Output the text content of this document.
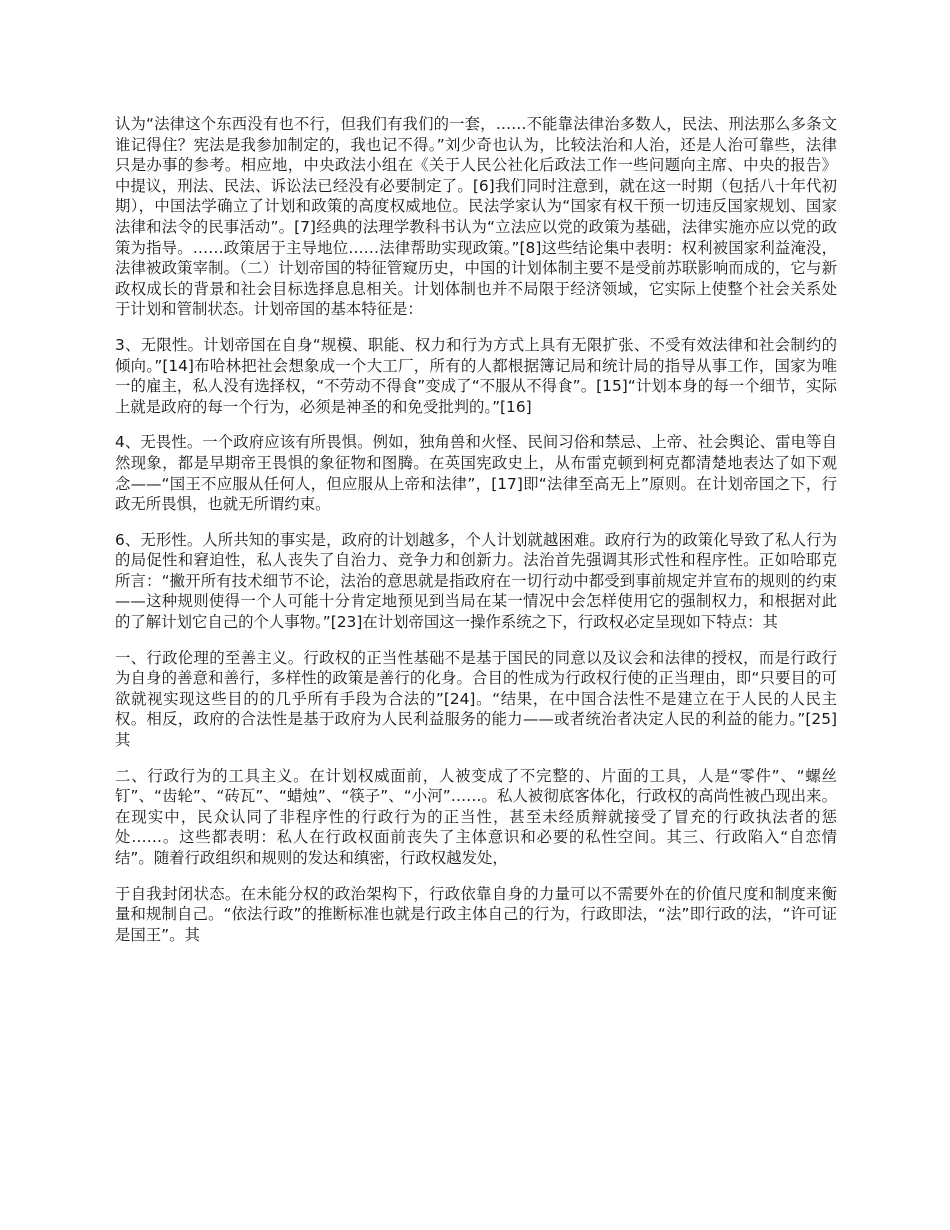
认为“法律这个东西没有也不行，但我们有我们的一套，……不能靠法律治多数人，民法、刑法那么多条文谁记得住？宪法是我参加制定的，我也记不得。”刘少奇也认为，比较法治和人治，还是人治可靠些，法律只是办事的参考。相应地，中央政法小组在《关于人民公社化后政法工作一些问题向主席、中央的报告》中提议，刑法、民法、诉讼法已经没有必要制定了。[6]我们同时注意到，就在这一时期（包括八十年代初期），中国法学确立了计划和政策的高度权威地位。民法学家认为“国家有权干预一切违反国家规划、国家法律和法令的民事活动”。[7]经典的法理学教科书认为“立法应以党的政策为基础，法律实施亦应以党的政策为指导。……政策居于主导地位……法律帮助实现政策。”[8]这些结论集中表明：权利被国家利益淹没，法律被政策宰制。（二）计划帝国的特征管窥历史，中国的计划体制主要不是受前苏联影响而成的，它与新政权成长的背景和社会目标选择息息相关。计划体制也并不局限于经济领域，它实际上使整个社会关系处于计划和管制状态。计划帝国的基本特征是：

3、无限性。计划帝国在自身“规模、职能、权力和行为方式上具有无限扩张、不受有效法律和社会制约的倾向。”[14]布哈林把社会想象成一个大工厂，所有的人都根据簿记局和统计局的指导从事工作，国家为唯一的雇主，私人没有选择权，“不劳动不得食”变成了“不服从不得食”。[15]“计划本身的每一个细节，实际上就是政府的每一个行为，必须是神圣的和免受批判的。”[16]

4、无畏性。一个政府应该有所畏惧。例如，独角兽和火怪、民间习俗和禁忌、上帝、社会舆论、雷电等自然现象，都是早期帝王畏惧的象征物和图腾。在英国宪政史上，从布雷克顿到柯克都清楚地表达了如下观念——“国王不应服从任何人，但应服从上帝和法律”，[17]即“法律至高无上”原则。在计划帝国之下，行政无所畏惧，也就无所谓约束。

6、无形性。人所共知的事实是，政府的计划越多，个人计划就越困难。政府行为的政策化导致了私人行为的局促性和窘迫性，私人丧失了自治力、竞争力和创新力。法治首先强调其形式性和程序性。正如哈耶克所言：“撇开所有技术细节不论，法治的意思就是指政府在一切行动中都受到事前规定并宣布的规则的约束——这种规则使得一个人可能十分肯定地预见到当局在某一情况中会怎样使用它的强制权力，和根据对此的了解计划它自己的个人事物。”[23]在计划帝国这一操作系统之下，行政权必定呈现如下特点：其

一、行政伦理的至善主义。行政权的正当性基础不是基于国民的同意以及议会和法律的授权，而是行政行为自身的善意和善行，多样性的政策是善行的化身。合目的性成为行政权行使的正当理由，即“只要目的可欲就视实现这些目的的几乎所有手段为合法的”[24]。“结果，在中国合法性不是建立在于人民的人民主权。相反，政府的合法性是基于政府为人民利益服务的能力——或者统治者决定人民的利益的能力。”[25]其

二、行政行为的工具主义。在计划权威面前，人被变成了不完整的、片面的工具，人是“零件”、“螺丝钉”、“齿轮”、“砖瓦”、“蜡烛”、“筷子”、“小河”……。私人被彻底客体化，行政权的高尚性被凸现出来。在现实中，民众认同了非程序性的行政行为的正当性，甚至未经质辩就接受了冒充的行政执法者的惩处……。这些都表明：私人在行政权面前丧失了主体意识和必要的私性空间。其三、行政陷入“自恋情结”。随着行政组织和规则的发达和缜密，行政权越发处，

于自我封闭状态。在未能分权的政治架构下，行政依靠自身的力量可以不需要外在的价值尺度和制度来衡量和规制自己。“依法行政”的推断标准也就是行政主体自己的行为，行政即法，“法”即行政的法，“许可证是国王”。其
